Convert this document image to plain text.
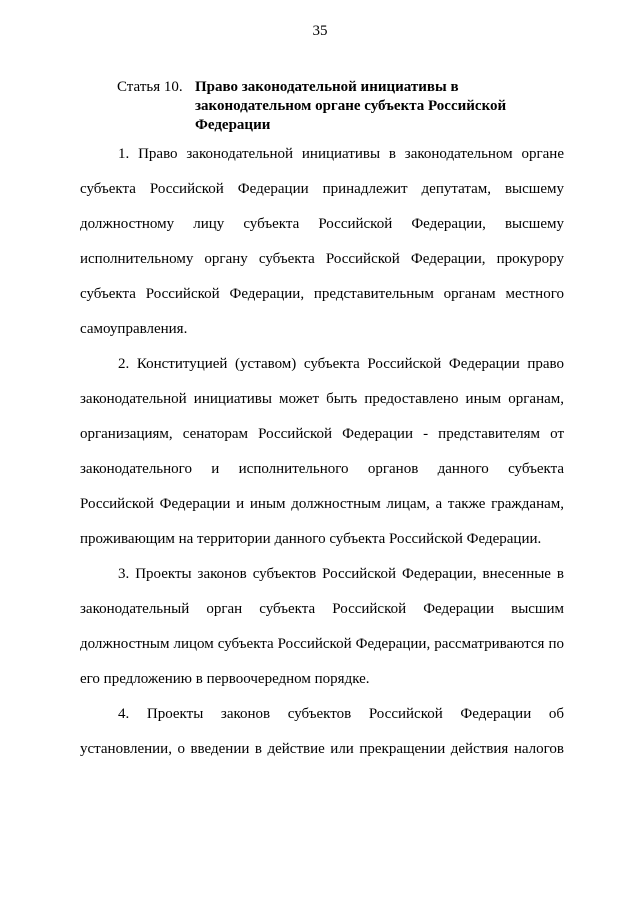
35
Статья 10. Право законодательной инициативы в законодательном органе субъекта Российской Федерации
1. Право законодательной инициативы в законодательном органе
субъекта Российской Федерации принадлежит депутатам, высшему
должностному лицу субъекта Российской Федерации, высшему
исполнительному органу субъекта Российской Федерации, прокурору
субъекта Российской Федерации, представительным органам местного
самоуправления.
2. Конституцией (уставом) субъекта Российской Федерации право
законодательной инициативы может быть предоставлено иным органам,
организациям, сенаторам Российской Федерации - представителям от
законодательного и исполнительного органов данного субъекта
Российской Федерации и иным должностным лицам, а также гражданам,
проживающим на территории данного субъекта Российской Федерации.
3. Проекты законов субъектов Российской Федерации, внесенные в
законодательный орган субъекта Российской Федерации высшим
должностным лицом субъекта Российской Федерации, рассматриваются по
его предложению в первоочередном порядке.
4. Проекты законов субъектов Российской Федерации об
установлении, о введении в действие или прекращении действия налогов
